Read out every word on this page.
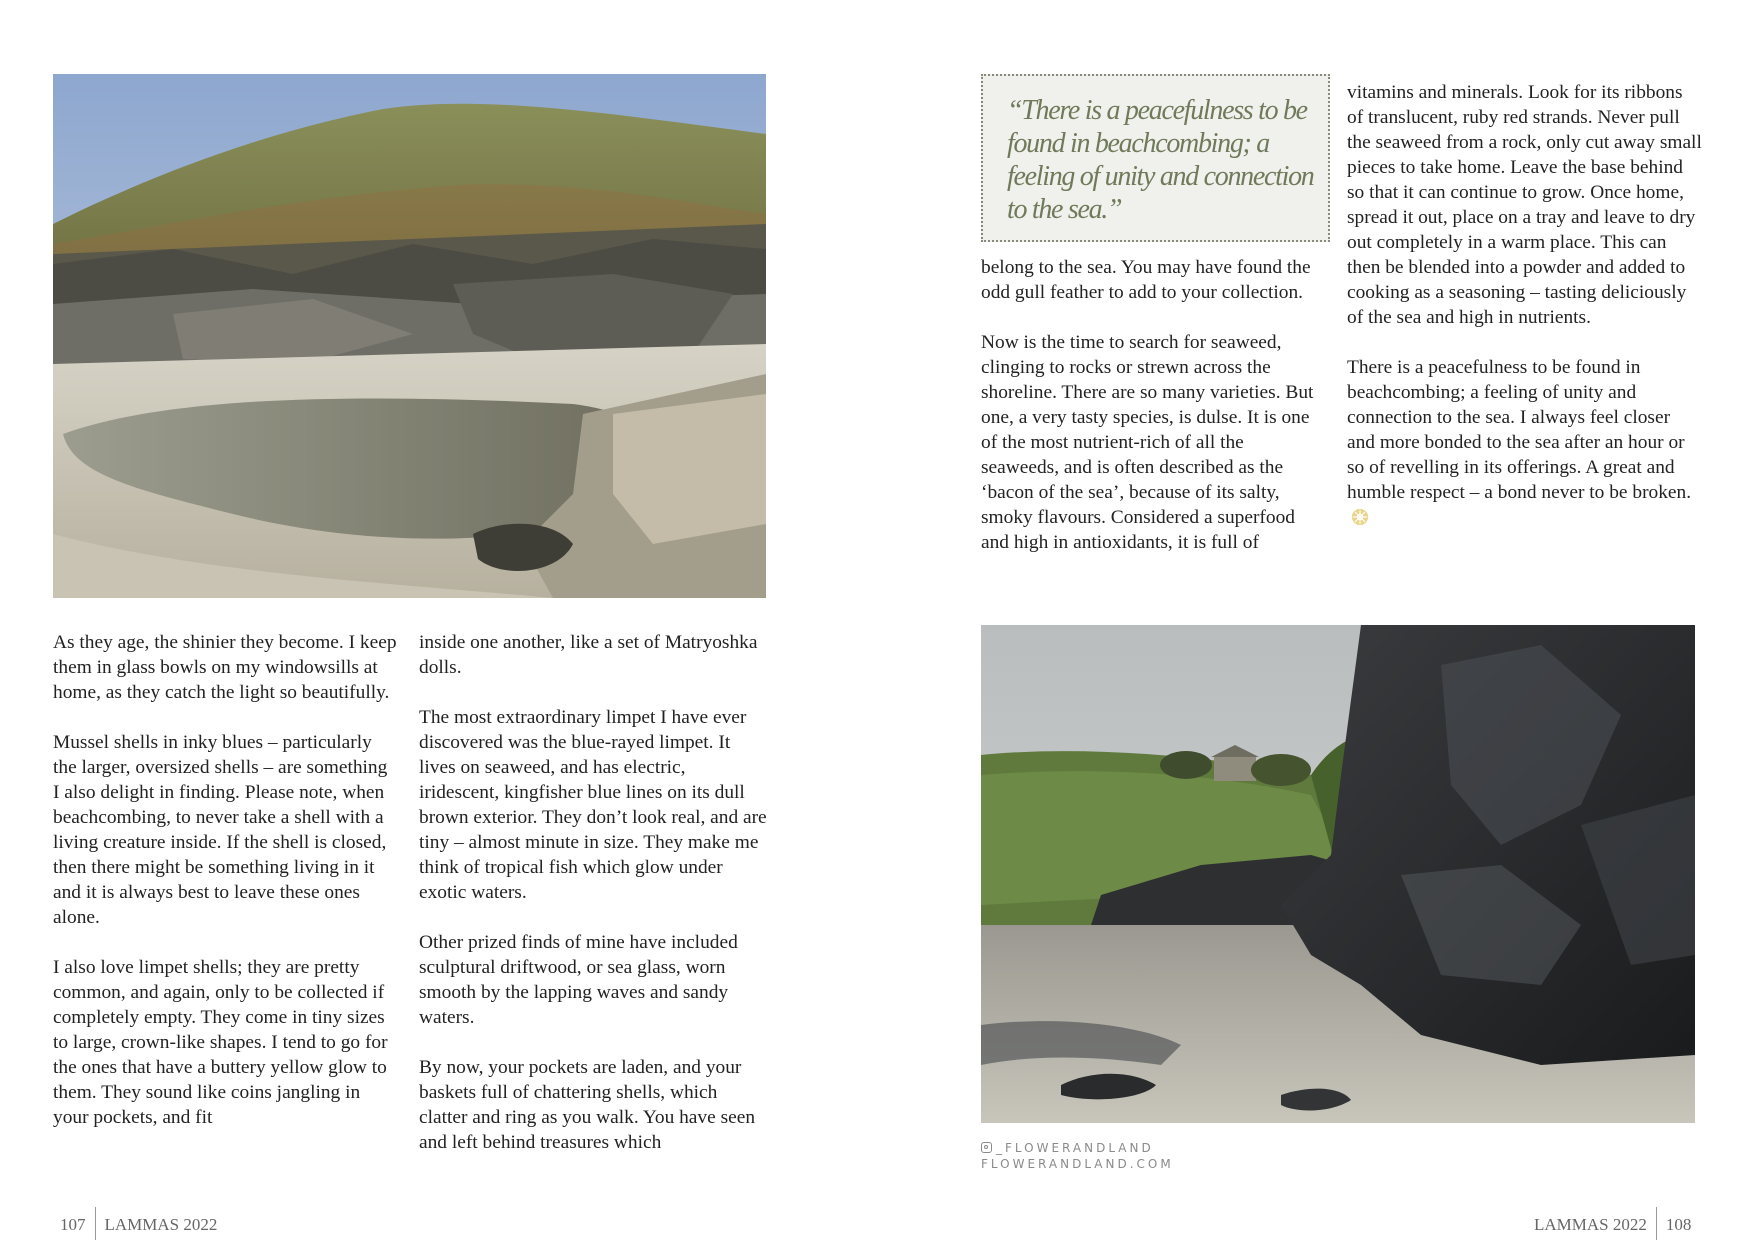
As they age, the shinier they become. I keep them in glass bowls on my windowsills at home, as they catch the light so beautifully.

Mussel shells in inky blues – particularly the larger, oversized shells – are something I also delight in finding. Please note, when beachcombing, to never take a shell with a living creature inside. If the shell is closed, then there might be something living in it and it is always best to leave these ones alone.

I also love limpet shells; they are pretty common, and again, only to be collected if completely empty. They come in tiny sizes to large, crown-like shapes. I tend to go for the ones that have a buttery yellow glow to them. They sound like coins jangling in your pockets, and fit

inside one another, like a set of Matryoshka dolls.

The most extraordinary limpet I have ever discovered was the blue-rayed limpet. It lives on seaweed, and has electric, iridescent, kingfisher blue lines on its dull brown exterior. They don’t look real, and are tiny – almost minute in size. They make me think of tropical fish which glow under exotic waters.

Other prized finds of mine have included sculptural driftwood, or sea glass, worn smooth by the lapping waves and sandy waters.

By now, your pockets are laden, and your baskets full of chattering shells, which clatter and ring as you walk. You have seen and left behind treasures which

107 LAMMAS 2022
“There is a peacefulness to be found in beachcombing; a feeling of unity and connection to the sea.”

belong to the sea. You may have found the odd gull feather to add to your collection.

Now is the time to search for seaweed, clinging to rocks or strewn across the shoreline. There are so many varieties. But one, a very tasty species, is dulse. It is one of the most nutrient-rich of all the seaweeds, and is often described as the ‘bacon of the sea’, because of its salty, smoky flavours. Considered a superfood and high in antioxidants, it is full of

vitamins and minerals. Look for its ribbons of translucent, ruby red strands. Never pull the seaweed from a rock, only cut away small pieces to take home. Leave the base behind so that it can continue to grow. Once home, spread it out, place on a tray and leave to dry out completely in a warm place. This can then be blended into a powder and added to cooking as a seasoning – tasting deliciously of the sea and high in nutrients.

There is a peacefulness to be found in beachcombing; a feeling of unity and connection to the sea. I always feel closer and more bonded to the sea after an hour or so of revelling in its offerings. A great and humble respect – a bond never to be broken.

_FLOWERANDLAND
FLOWERANDLAND.COM
LAMMAS 2022 108
